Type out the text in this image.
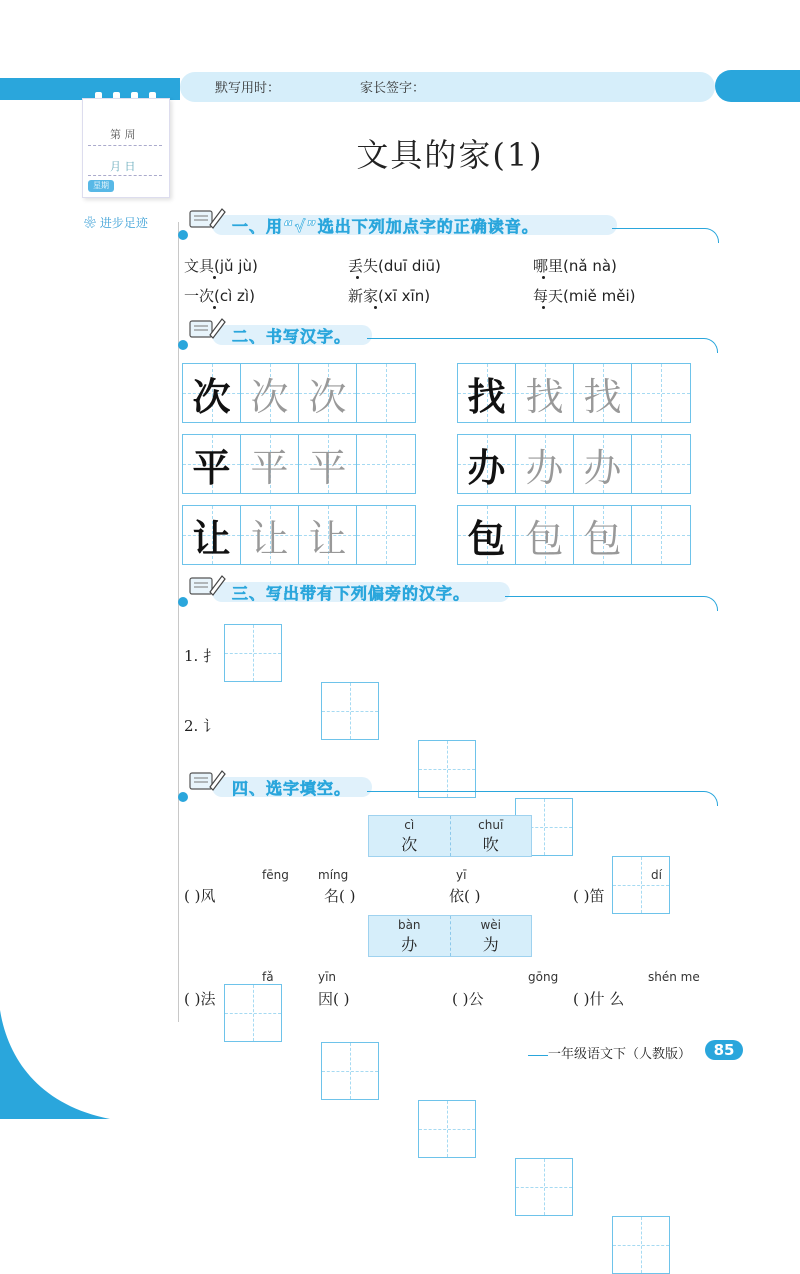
默写用时：	家长签字：
第 周
月 日
星期
❀ 进步足迹
文具的家(1)
一、用“√”选出下列加点字的正确读音。
文具(jǔ jù)	丢失(duī diū)	哪里(nǎ nà)
一次(cì zì)	新家(xī xīn)	每天(miě měi)
二、书写汉字。
次 次 次
平 平 平
让 让 让
找 找 找
办 办 办
包 包 包
三、写出带有下列偏旁的汉字。
1. 扌
2. 讠
四、选字填空。
cì
次
chuī
吹
fēng míng	yī	dí
( )风	名( )	依( )	( )笛
bàn
办
wèi
为
fǎ	yīn	gōng	shén me
( )法	因( )	( )公	( )什 么
一年级语文下（人教版）	85
